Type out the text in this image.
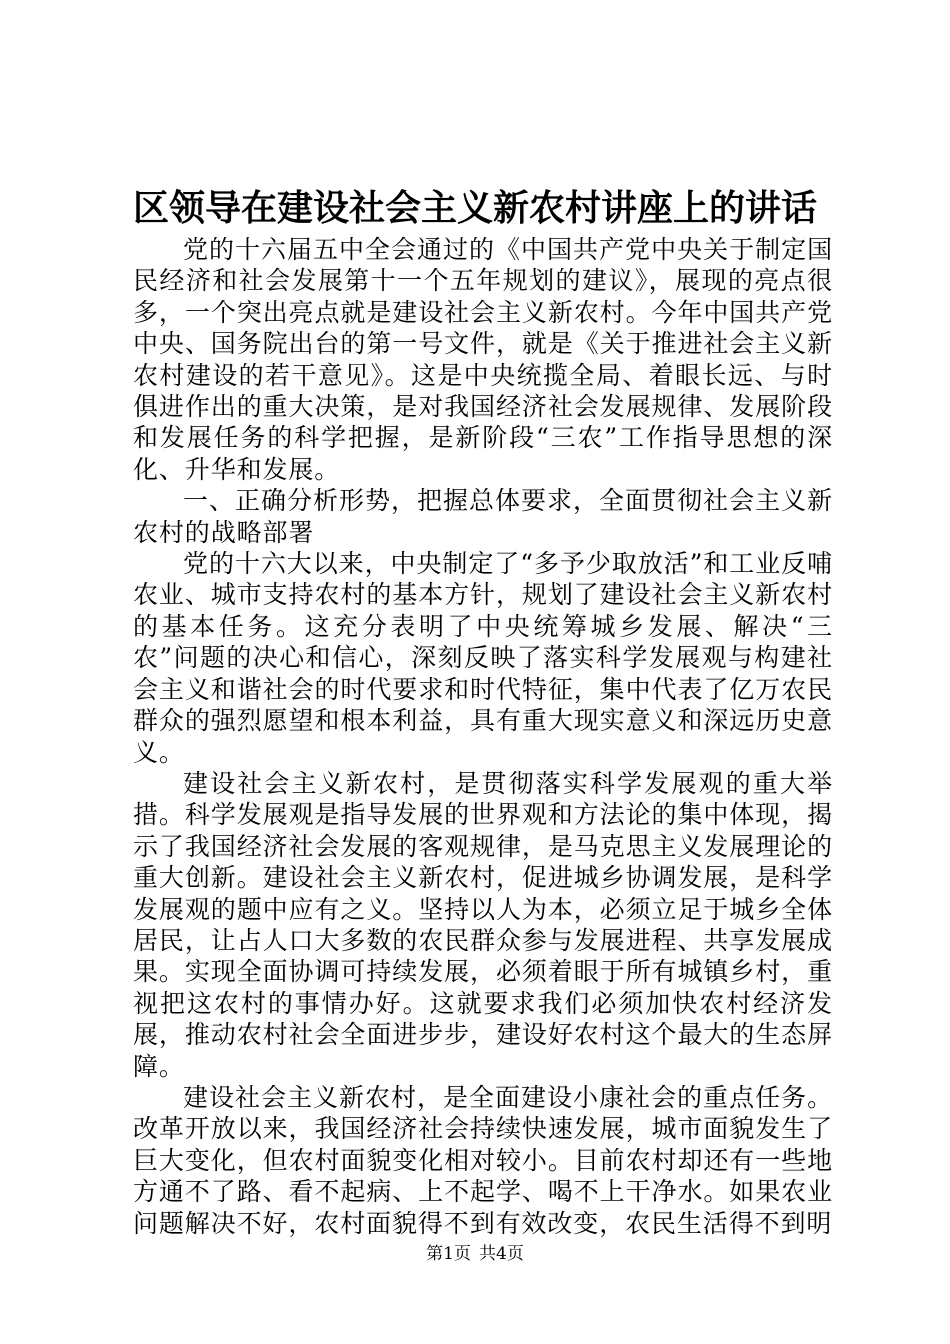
区领导在建设社会主义新农村讲座上的讲话

党的十六届五中全会通过的《中国共产党中央关于制定国民经济和社会发展第十一个五年规划的建议》，展现的亮点很多，一个突出亮点就是建设社会主义新农村。今年中国共产党中央、国务院出台的第一号文件，就是《关于推进社会主义新农村建设的若干意见》。这是中央统揽全局、着眼长远、与时俱进作出的重大决策，是对我国经济社会发展规律、发展阶段和发展任务的科学把握，是新阶段“三农”工作指导思想的深化、升华和发展。

一、正确分析形势，把握总体要求，全面贯彻社会主义新农村的战略部署

党的十六大以来，中央制定了“多予少取放活”和工业反哺农业、城市支持农村的基本方针，规划了建设社会主义新农村的基本任务。这充分表明了中央统筹城乡发展、解决“三农”问题的决心和信心，深刻反映了落实科学发展观与构建社会主义和谐社会的时代要求和时代特征，集中代表了亿万农民群众的强烈愿望和根本利益，具有重大现实意义和深远历史意义。

建设社会主义新农村，是贯彻落实科学发展观的重大举措。科学发展观是指导发展的世界观和方法论的集中体现，揭示了我国经济社会发展的客观规律，是马克思主义发展理论的重大创新。建设社会主义新农村，促进城乡协调发展，是科学发展观的题中应有之义。坚持以人为本，必须立足于城乡全体居民，让占人口大多数的农民群众参与发展进程、共享发展成果。实现全面协调可持续发展，必须着眼于所有城镇乡村，重视把这农村的事情办好。这就要求我们必须加快农村经济发展，推动农村社会全面进步步，建设好农村这个最大的生态屏障。

建设社会主义新农村，是全面建设小康社会的重点任务。改革开放以来，我国经济社会持续快速发展，城市面貌发生了巨大变化，但农村面貌变化相对较小。目前农村却还有一些地方通不了路、看不起病、上不起学、喝不上干净水。如果农业问题解决不好，农村面貌得不到有效改变，农民生活得不到明

第1页 共4页
